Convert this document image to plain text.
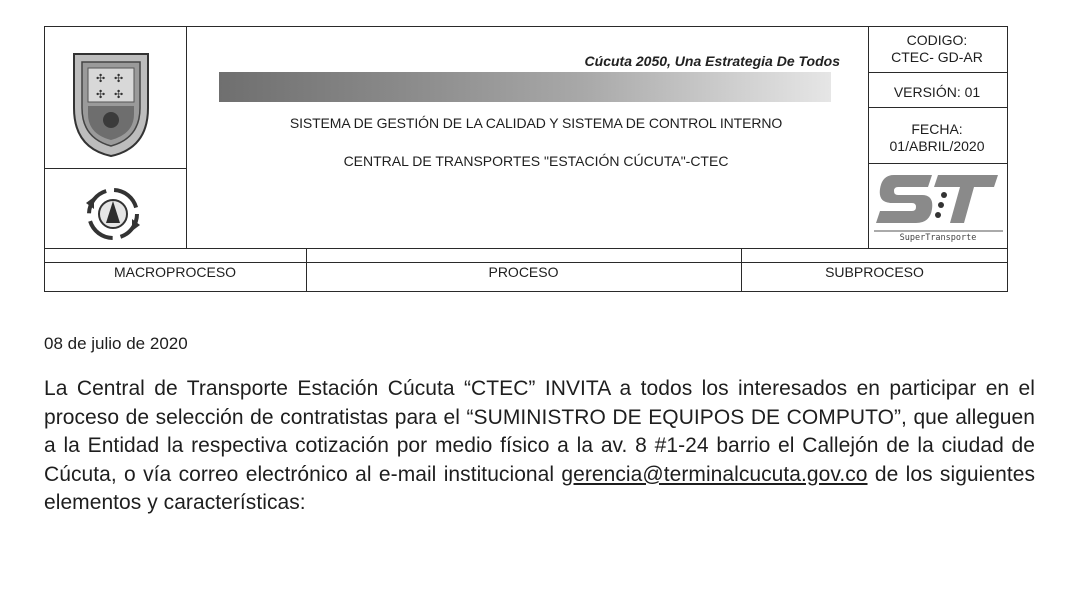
✣ ✣
✣ ✣
Cúcuta 2050, Una Estrategia De Todos
SISTEMA DE GESTIÓN DE LA CALIDAD Y SISTEMA DE CONTROL INTERNO
CENTRAL DE TRANSPORTES "ESTACIÓN CÚCUTA"-CTEC
CODIGO:
CTEC- GD-AR
VERSIÓN: 01
FECHA:
01/ABRIL/2020
SuperTransporte
MACROPROCESO	PROCESO	SUBPROCESO
08 de julio de 2020
La Central de Transporte Estación Cúcuta “CTEC” INVITA a todos los interesados en participar en el proceso de selección de contratistas para el “SUMINISTRO DE EQUIPOS DE COMPUTO”, que alleguen a la Entidad la respectiva cotización por medio físico a la av. 8 #1-24 barrio el Callejón de la ciudad de Cúcuta, o vía correo electrónico al e-mail institucional gerencia@terminalcucuta.gov.co de los siguientes elementos y características:
